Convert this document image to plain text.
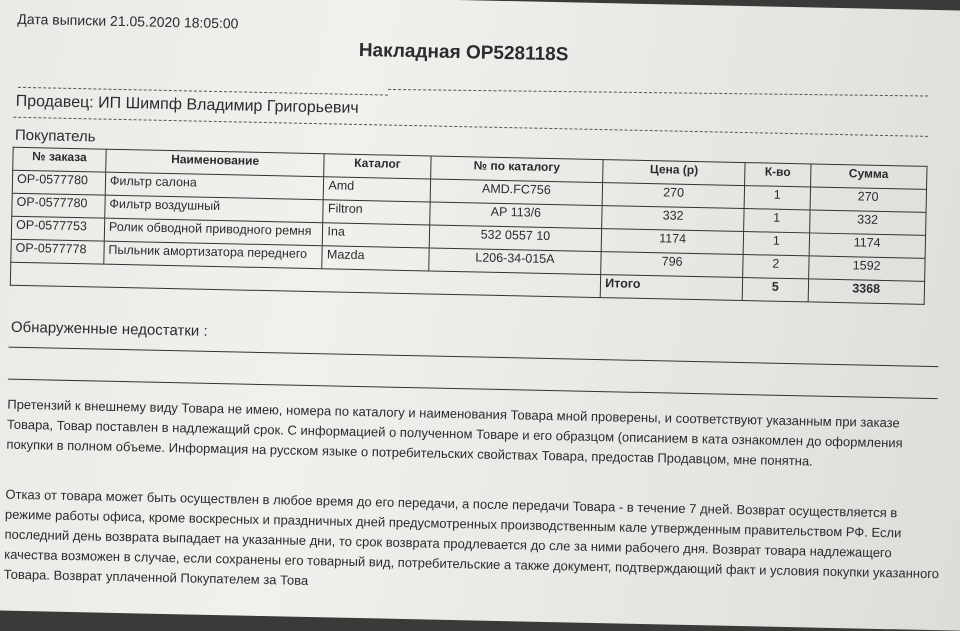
Дата выписки 21.05.2020 18:05:00
Накладная ОР528118S
Продавец: ИП Шимпф Владимир Григорьевич
Покупатель
№ заказа	Наименование	Каталог	№ по каталогу	Цена (р)	К-во	Сумма
ОР-0577780	Фильтр салона	Amd	AMD.FC756	270	1	270
ОР-0577780	Фильтр воздушный	Filtron	AP 113/6	332	1	332
ОР-0577753	Ролик обводной приводного ремня	Ina	532 0557 10	1174	1	1174
ОР-0577778	Пыльник амортизатора переднего	Mazda	L206-34-015A	796	2	1592
				Итого	5	3368
Обнаруженные недостатки :
Претензий к внешнему виду Товара не имею, номера по каталогу и наименования Товара мной проверены, и соответствуют указанным при заказе Товара, Товар поставлен в надлежащий срок. С информацией о полученном Товаре и его образцом (описанием в ката ознакомлен до оформления покупки в полном объеме. Информация на русском языке о потребительских свойствах Товара, предостав Продавцом, мне понятна.
Отказ от товара может быть осуществлен в любое время до его передачи, а после передачи Товара - в течение 7 дней. Возврат осуществляется в режиме работы офиса, кроме воскресных и праздничных дней предусмотренных производственным кале утвержденным правительством РФ. Если последний день возврата выпадает на указанные дни, то срок возврата продлевается до сле за ними рабочего дня. Возврат товара надлежащего качества возможен в случае, если сохранены его товарный вид, потребительские а также документ, подтверждающий факт и условия покупки указанного Товара. Возврат уплаченной Покупателем за Това
